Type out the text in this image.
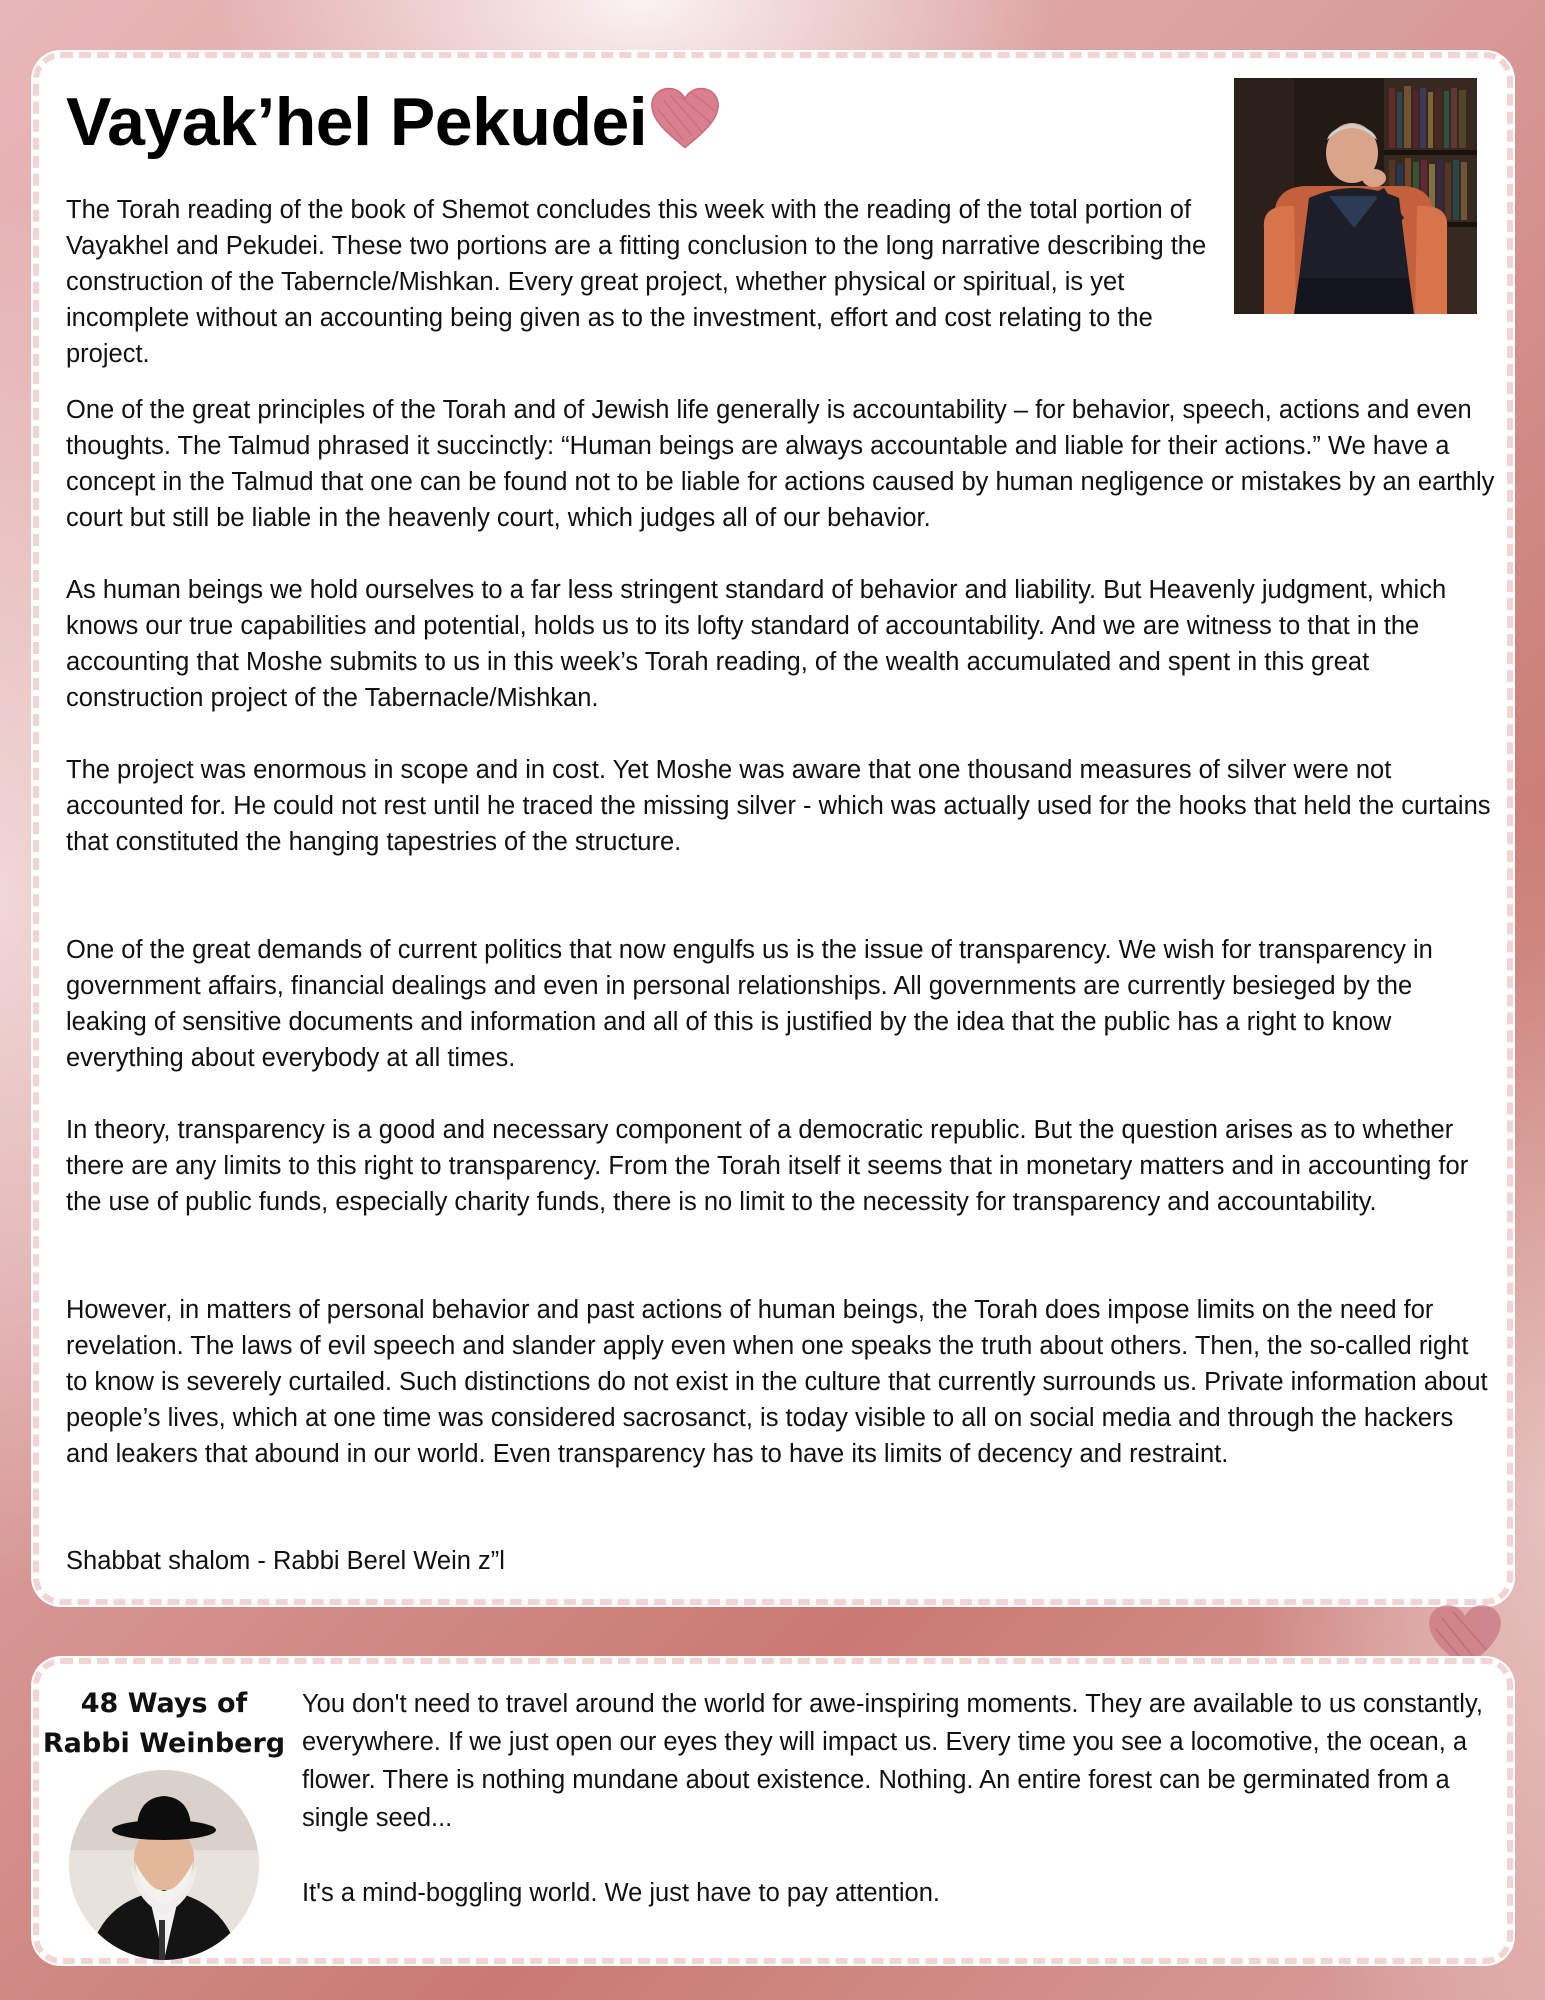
Vayak’hel Pekudei

The Torah reading of the book of Shemot concludes this week with the reading of the total portion of Vayakhel and Pekudei. These two portions are a fitting conclusion to the long narrative describing the construction of the Taberncle/Mishkan. Every great project, whether physical or spiritual, is yet incomplete without an accounting being given as to the investment, effort and cost relating to the project.

One of the great principles of the Torah and of Jewish life generally is accountability – for behavior, speech, actions and even thoughts. The Talmud phrased it succinctly: “Human beings are always accountable and liable for their actions.” We have a concept in the Talmud that one can be found not to be liable for actions caused by human negligence or mistakes by an earthly court but still be liable in the heavenly court, which judges all of our behavior.

As human beings we hold ourselves to a far less stringent standard of behavior and liability. But Heavenly judgment, which knows our true capabilities and potential, holds us to its lofty standard of accountability. And we are witness to that in the accounting that Moshe submits to us in this week’s Torah reading, of the wealth accumulated and spent in this great construction project of the Tabernacle/Mishkan.

The project was enormous in scope and in cost. Yet Moshe was aware that one thousand measures of silver were not accounted for. He could not rest until he traced the missing silver - which was actually used for the hooks that held the curtains that constituted the hanging tapestries of the structure.

One of the great demands of current politics that now engulfs us is the issue of transparency. We wish for transparency in government affairs, financial dealings and even in personal relationships. All governments are currently besieged by the leaking of sensitive documents and information and all of this is justified by the idea that the public has a right to know everything about everybody at all times.

In theory, transparency is a good and necessary component of a democratic republic. But the question arises as to whether there are any limits to this right to transparency. From the Torah itself it seems that in monetary matters and in accounting for the use of public funds, especially charity funds, there is no limit to the necessity for transparency and accountability.

However, in matters of personal behavior and past actions of human beings, the Torah does impose limits on the need for revelation. The laws of evil speech and slander apply even when one speaks the truth about others. Then, the so-called right to know is severely curtailed. Such distinctions do not exist in the culture that currently surrounds us. Private information about people’s lives, which at one time was considered sacrosanct, is today visible to all on social media and through the hackers and leakers that abound in our world. Even transparency has to have its limits of decency and restraint.

Shabbat shalom - Rabbi Berel Wein z”l

48 Ways of
Rabbi Weinberg

You don't need to travel around the world for awe-inspiring moments. They are available to us constantly, everywhere. If we just open our eyes they will impact us. Every time you see a locomotive, the ocean, a flower. There is nothing mundane about existence. Nothing. An entire forest can be germinated from a single seed...

It's a mind-boggling world. We just have to pay attention.
